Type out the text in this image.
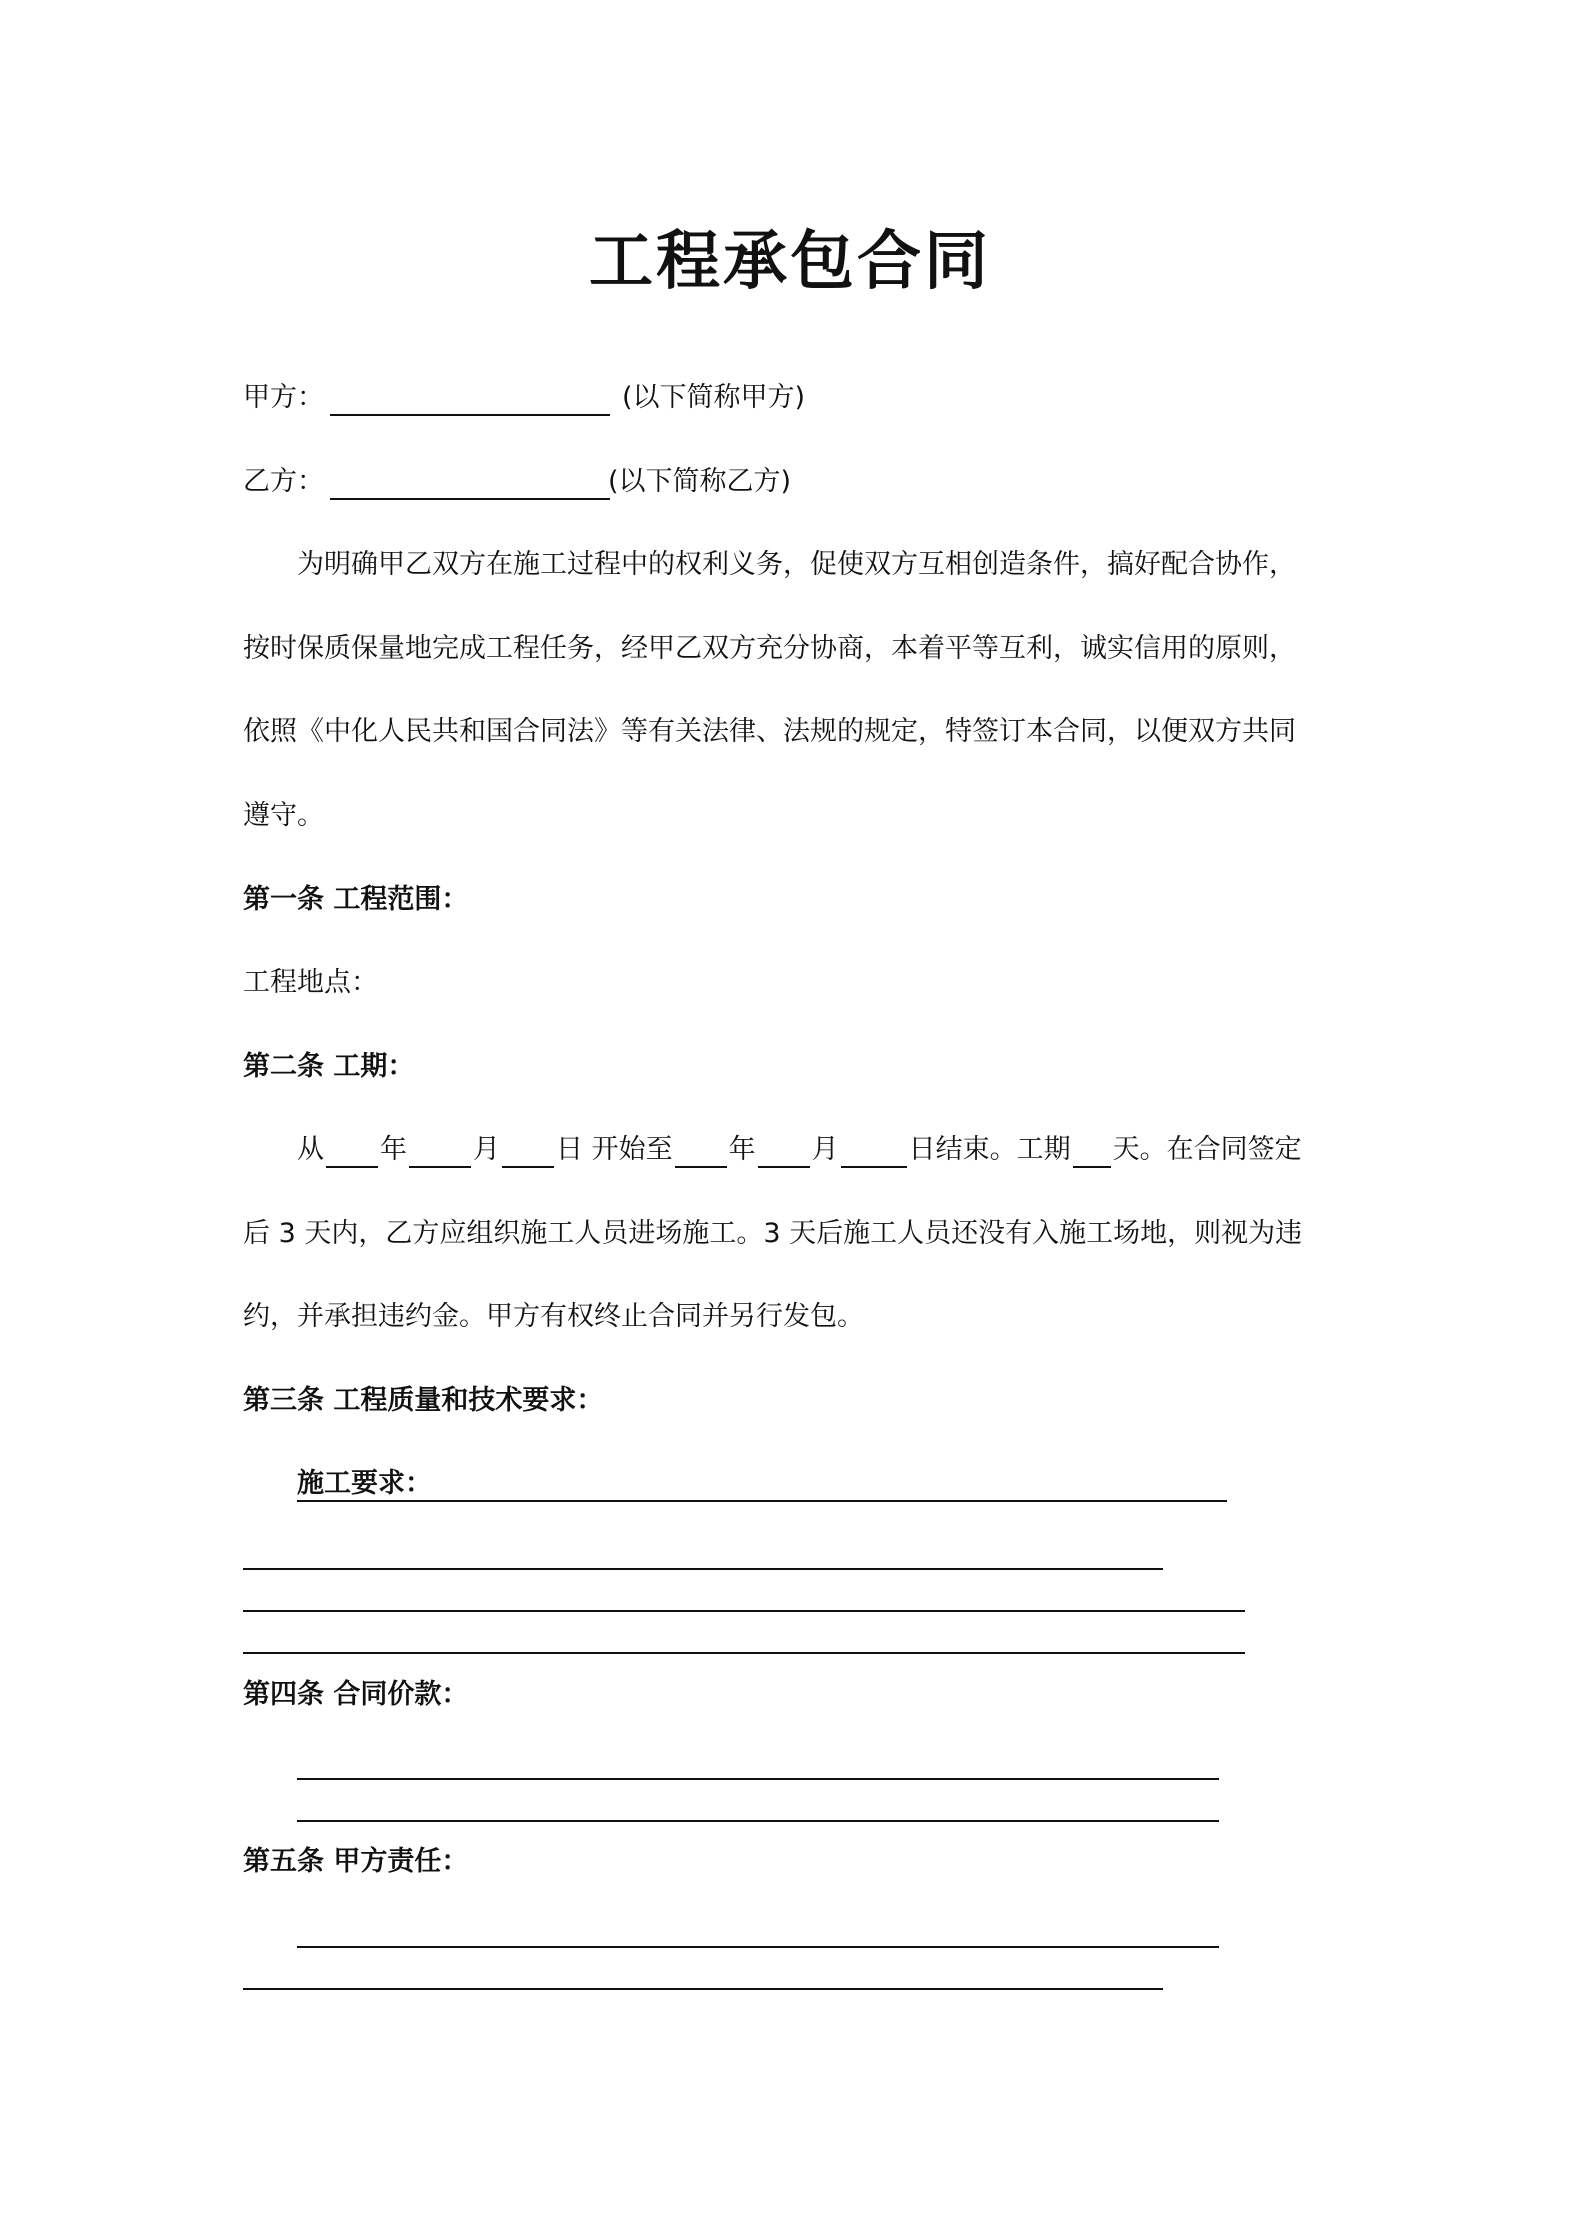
工程承包合同
甲方：	(以下简称甲方)
乙方：	(以下简称乙方)
为明确甲乙双方在施工过程中的权利义务，促使双方互相创造条件，搞好配合协作，
按时保质保量地完成工程任务，经甲乙双方充分协商，本着平等互利，诚实信用的原则，
依照《中化人民共和国合同法》等有关法律、法规的规定，特签订本合同，以便双方共同
遵守。
第一条 工程范围：
工程地点：
第二条 工期：
从 年 月 日 开始至 年 月	日结束。工期 天。在合同签定
后 3 天内，乙方应组织施工人员进场施工。3 天后施工人员还没有入施工场地，则视为违
约，并承担违约金。甲方有权终止合同并另行发包。
第三条 工程质量和技术要求：
施工要求：
第四条 合同价款：
第五条 甲方责任：
